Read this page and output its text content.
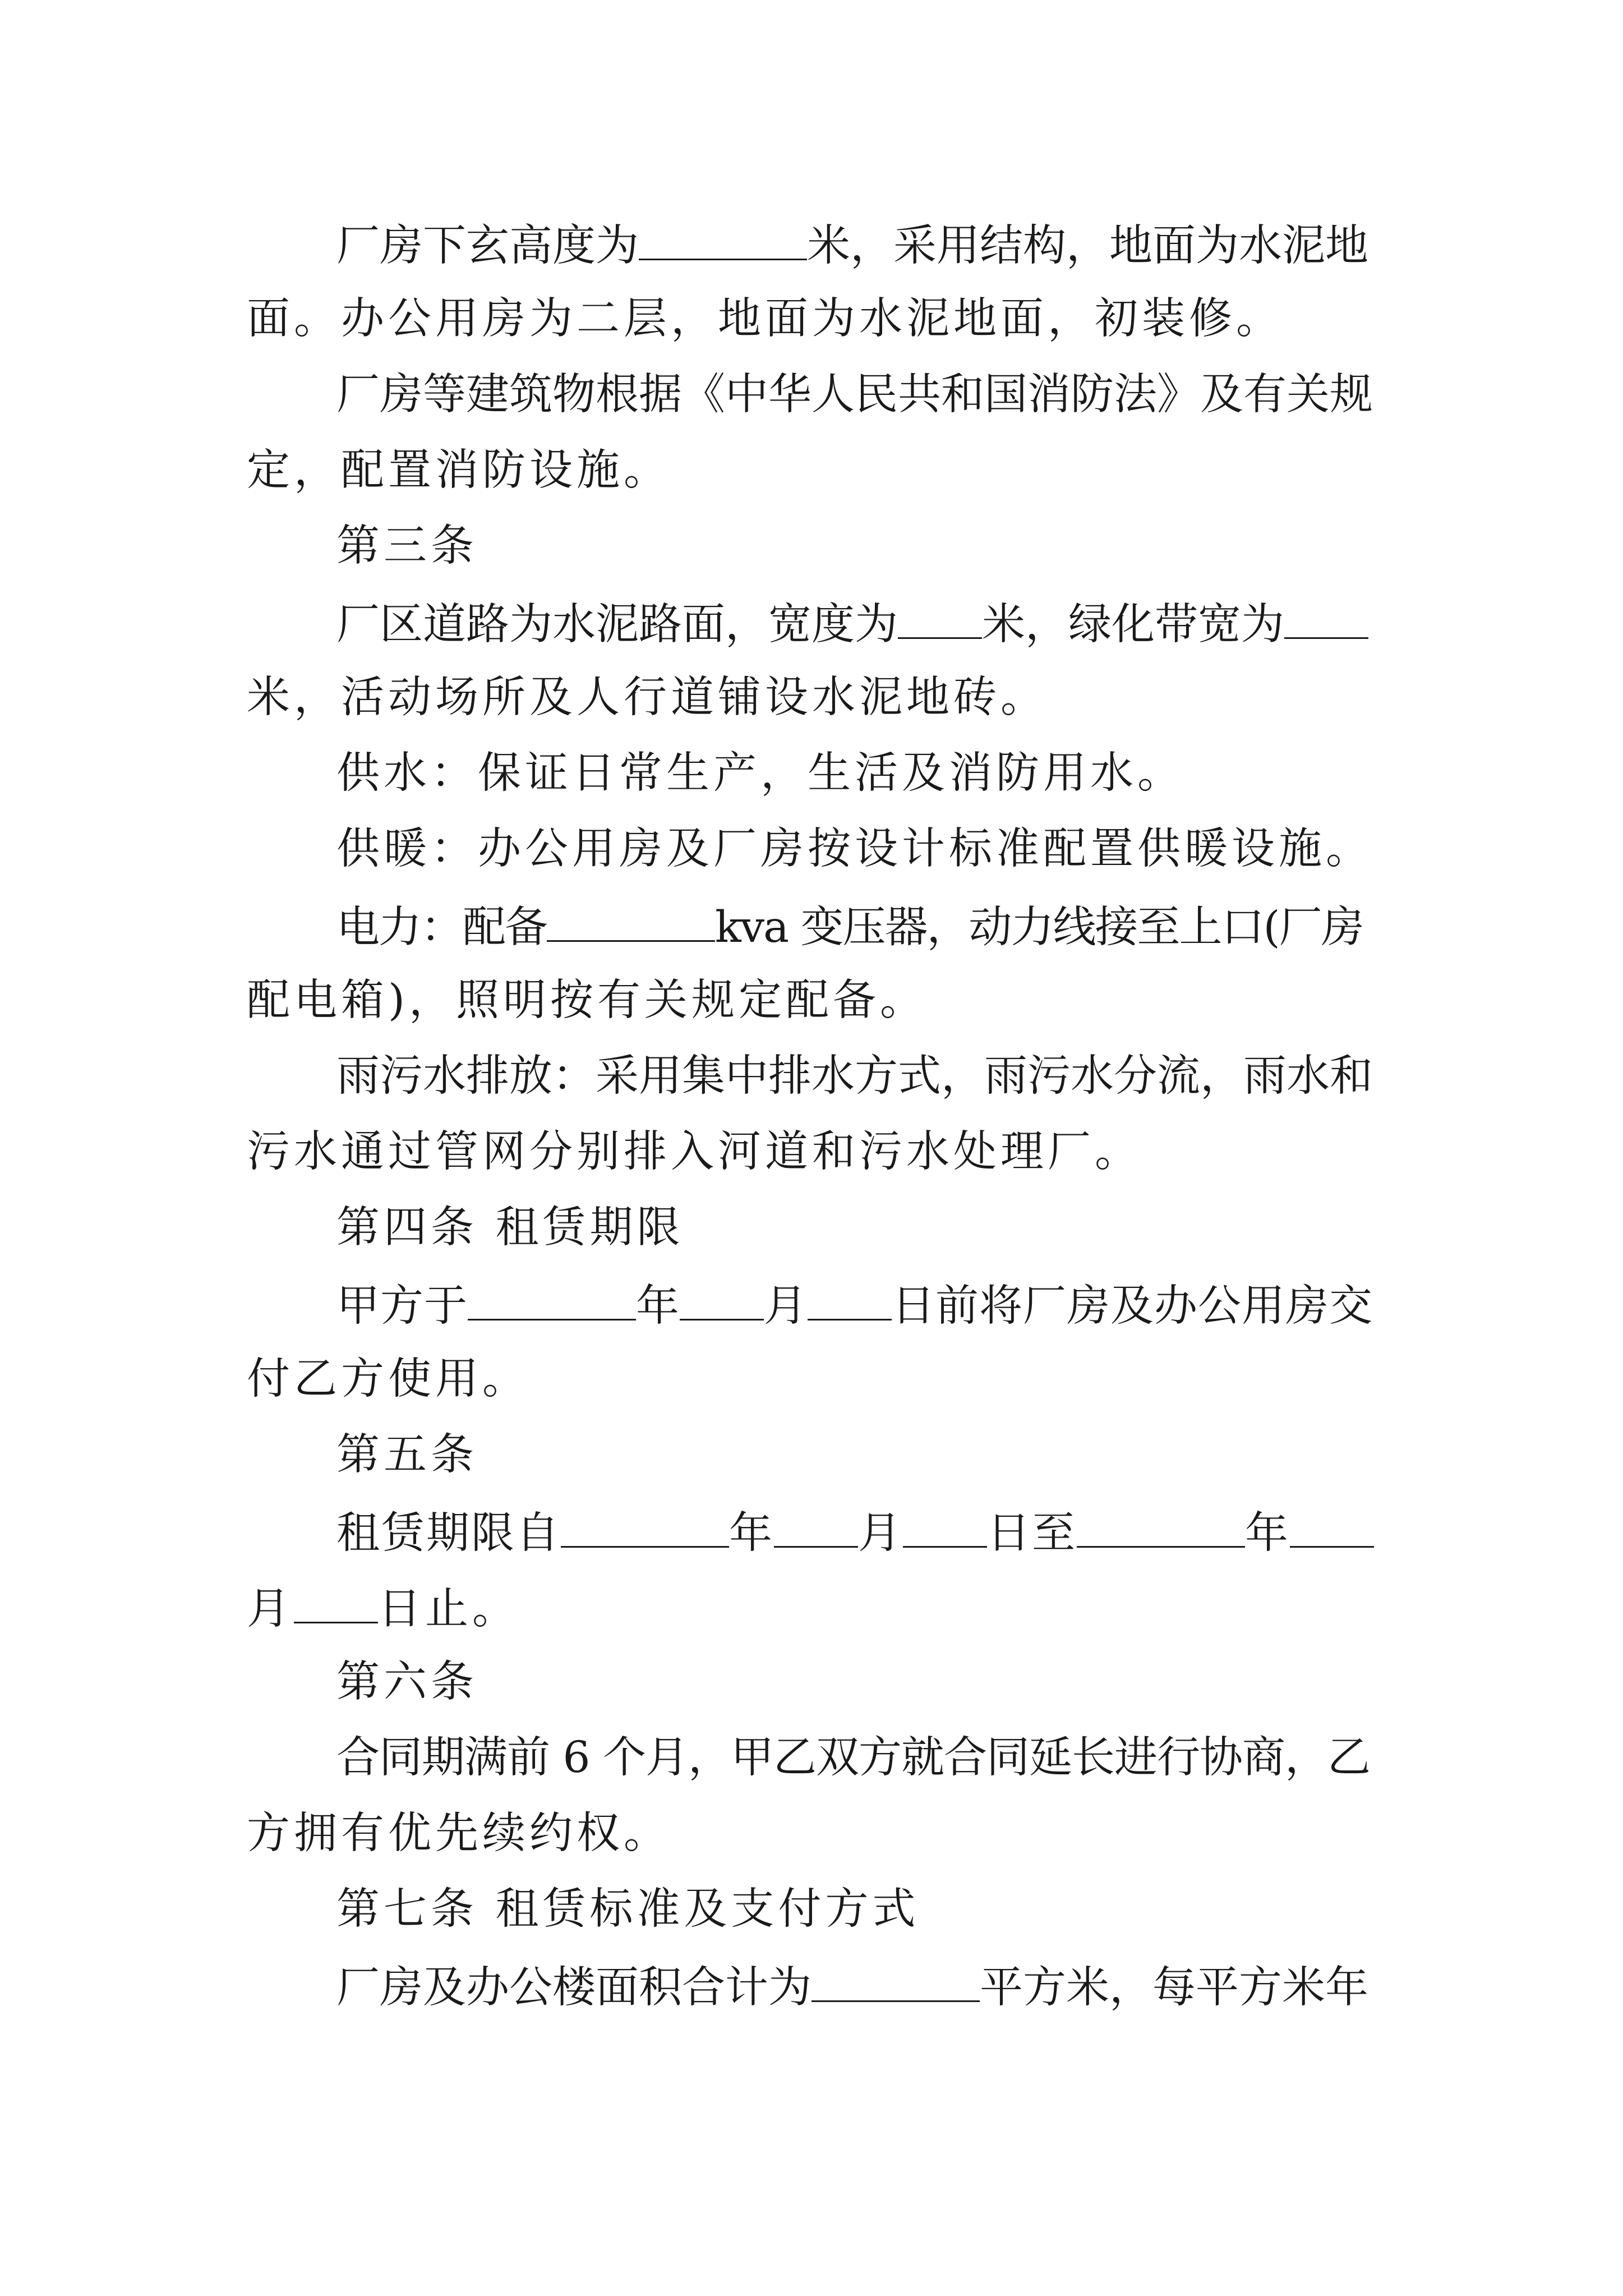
厂房下玄高度为	米，采用结构，地面为水泥地
面。办公用房为二层，地面为水泥地面，初装修。
厂房等建筑物根据《中华人民共和国消防法》及有关规
定，配置消防设施。
第三条
厂区道路为水泥路面，宽度为 米，绿化带宽为
米，活动场所及人行道铺设水泥地砖。
供水：保证日常生产，生活及消防用水。
供暖：办公用房及厂房按设计标准配置供暖设施。
电力：配备	kva 变压器，动力线接至上口(厂房
配电箱)，照明按有关规定配备。
雨污水排放：采用集中排水方式，雨污水分流，雨水和
污水通过管网分别排入河道和污水处理厂。
第四条 租赁期限
甲方于	年 月 日前将厂房及办公用房交
付乙方使用。
第五条
租赁期限自	年 月 日至	年
月 日止。
第六条
合同期满前 6 个月，甲乙双方就合同延长进行协商，乙
方拥有优先续约权。
第七条 租赁标准及支付方式
厂房及办公楼面积合计为	平方米，每平方米年
